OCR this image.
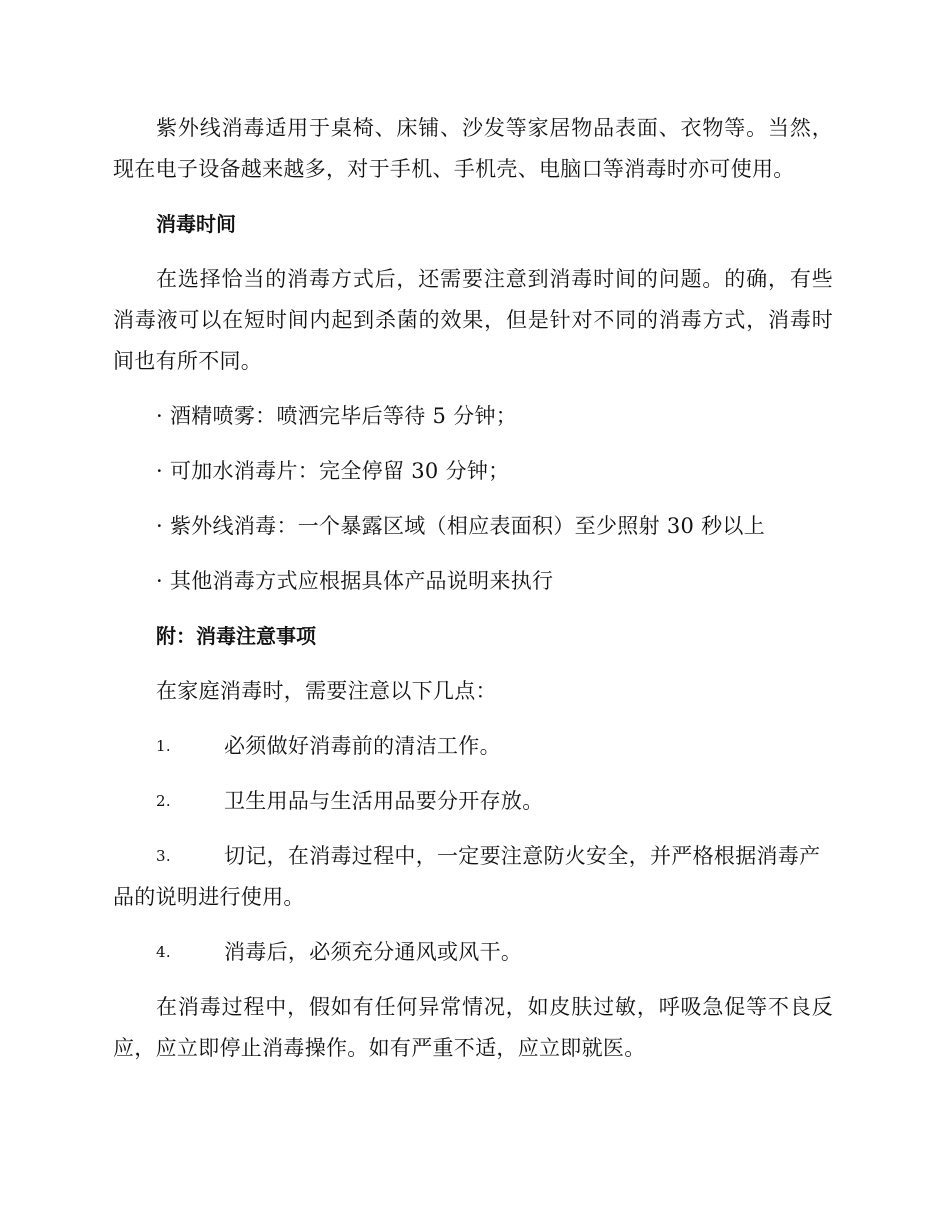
紫外线消毒适用于桌椅、床铺、沙发等家居物品表面、衣物等。当然，现在电子设备越来越多，对于手机、手机壳、电脑口等消毒时亦可使用。

消毒时间

在选择恰当的消毒方式后，还需要注意到消毒时间的问题。的确，有些消毒液可以在短时间内起到杀菌的效果，但是针对不同的消毒方式，消毒时间也有所不同。

· 酒精喷雾：喷洒完毕后等待 5 分钟；
· 可加水消毒片：完全停留 30 分钟；
· 紫外线消毒：一个暴露区域（相应表面积）至少照射 30 秒以上
· 其他消毒方式应根据具体产品说明来执行
附：消毒注意事项
在家庭消毒时，需要注意以下几点：
1.	必须做好消毒前的清洁工作。
2.	卫生用品与生活用品要分开存放。
3.	切记，在消毒过程中，一定要注意防火安全，并严格根据消毒产
品的说明进行使用。
4.	消毒后，必须充分通风或风干。

在消毒过程中，假如有任何异常情况，如皮肤过敏，呼吸急促等不良反应，应立即停止消毒操作。如有严重不适，应立即就医。
